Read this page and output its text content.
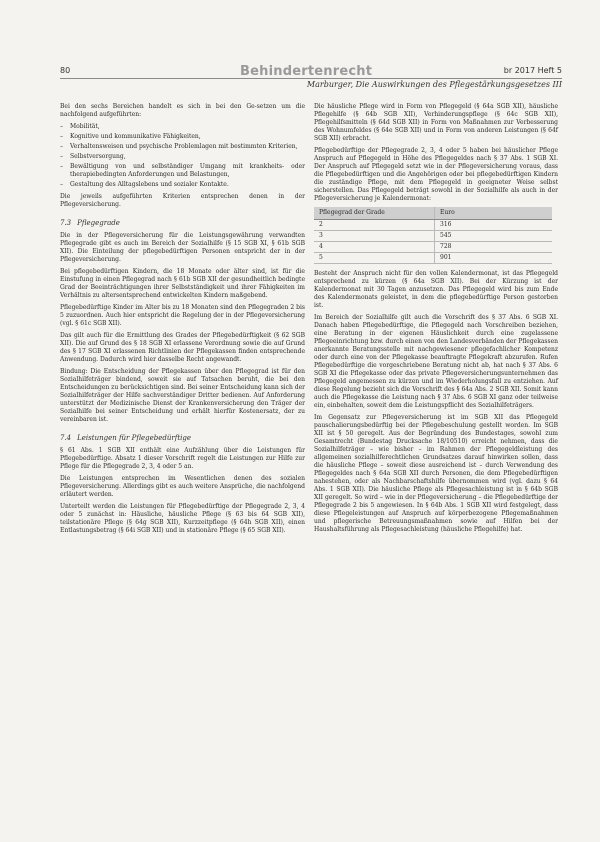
80	Behindertenrecht	br 2017 Heft 5
Marburger, Die Auswirkungen des Pflegestärkungsgesetzes III

Bei den sechs Bereichen handelt es sich in bei den Ge-setzen um die nachfolgend aufgeführten:

– Mobilität,
– Kognitive und kommunikative Fähigkeiten,
– Verhaltensweisen und psychische Problemlagen mit bestimmten Kriterien,
– Selbstversorgung,
– Bewältigung von und selbständiger Umgang mit krankheits- oder therapiebedingten Anforderungen und Belastungen,
– Gestaltung des Alltagslebens und sozialer Kontakte.

Die jeweils aufgeführten Kriterien entsprechen denen in der Pflegeversicherung.

7.3 Pflegegrade

Die in der Pflegeversicherung für die Leistungsgewährung verwandten Pflegegrade gibt es auch im Bereich der Sozialhilfe (§ 15 SGB XI, § 61b SGB XII). Die Einteilung der pflegebedürftigen Personen entspricht der in der Pflegeversicherung.

Bei pflegebedürftigen Kindern, die 18 Monate oder älter sind, ist für die Einstufung in einen Pflegegrad nach § 61b SGB XII der gesundheitlich bedingte Grad der Beeinträchtigungen ihrer Selbstständigkeit und ihrer Fähigkeiten im Verhältnis zu altersentsprechend entwickelten Kindern maßgebend.

Pflegebedürftige Kinder im Alter bis zu 18 Monaten sind den Pflegegraden 2 bis 5 zuzuordnen. Auch hier entspricht die Regelung der in der Pflegeversicherung (vgl. § 61c SGB XII).

Das gilt auch für die Ermittlung des Grades der Pflegebedürftigkeit (§ 62 SGB XII). Die auf Grund des § 18 SGB XI erlassene Verordnung sowie die auf Grund des § 17 SGB XI erlassenen Richtlinien der Pflegekassen finden entsprechende Anwendung. Dadurch wird hier dasselbe Recht angewandt.

Bindung: Die Entscheidung der Pflegekassen über den Pflegegrad ist für den Sozialhilfeträger bindend, soweit sie auf Tatsachen beruht, die bei den Entscheidungen zu berücksichtigen sind. Bei seiner Entscheidung kann sich der Sozialhilfeträger der Hilfe sachverständiger Dritter bedienen. Auf Anforderung unterstützt der Medizinische Dienst der Krankenversicherung den Träger der Sozialhilfe bei seiner Entscheidung und erhält hierfür Kostenersatz, der zu vereinbaren ist.

7.4 Leistungen für Pflegebedürftige

§ 61 Abs. 1 SGB XII enthält eine Aufzählung über die Leistungen für Pflegebedürftige. Absatz 1 dieser Vorschrift regelt die Leistungen zur Hilfe zur Pflege für die Pflegegrade 2, 3, 4 oder 5 an.

Die Leistungen entsprechen im Wesentlichen denen des sozialen Pflegeversicherung. Allerdings gibt es auch weitere Ansprüche, die nachfolgend erläutert werden.

Unterteilt werden die Leistungen für Pflegebedürftige der Pflegegrade 2, 3, 4 oder 5 zunächst in: Häusliche, häusliche Pflege (§ 63 bis 64 SGB XII), teilstationäre Pflege (§ 64g SGB XII), Kurzzeitpflege (§ 64h SGB XII), einen Entlastungsbetrag (§ 64i SGB XII) und in stationäre Pflege (§ 65 SGB XII).

Die häusliche Pflege wird in Form von Pflegegeld (§ 64a SGB XII), häusliche Pflegehilfe (§ 64b SGB XII), Verhinderungspflege (§ 64c SGB XII), Pflegehilfsmitteln (§ 64d SGB XII) in Form von Maßnahmen zur Verbesserung des Wohnumfeldes (§ 64e SGB XII) und in Form von anderen Leistungen (§ 64f SGB XII) erbracht.

Pflegebedürftige der Pflegegrade 2, 3, 4 oder 5 haben bei häuslicher Pflege Anspruch auf Pflegegeld in Höhe des Pflegegeldes nach § 37 Abs. 1 SGB XI. Der Anspruch auf Pflegegeld setzt wie in der Pflegeversicherung voraus, dass die Pflegebedürftigen und die Angehörigen oder bei pflegebedürftigen Kindern die zuständige Pflege, mit dem Pflegegeld in geeigneter Weise selbst sicherstellen. Das Pflegegeld beträgt sowohl in der Sozialhilfe als auch in der Pflegeversicherung je Kalendermonat:

Pflegegrad der Grade	Euro
2	316
3	545
4	728
5	901

Besteht der Anspruch nicht für den vollen Kalendermonat, ist das Pflegegeld entsprechend zu kürzen (§ 64a SGB XII). Bei der Kürzung ist der Kalendermonat mit 30 Tagen anzusetzen. Das Pflegegeld wird bis zum Ende des Kalendermonats geleistet, in dem die pflegebedürftige Person gestorben ist.

Im Bereich der Sozialhilfe gilt auch die Vorschrift des § 37 Abs. 6 SGB XI. Danach haben Pflegebedürftige, die Pflegegeld nach Vorschreiben beziehen, eine Beratung in der eigenen Häuslichkeit durch eine zugelassene Pflegeeinrichtung bzw. durch einen von den Landesverbänden der Pflegekassen anerkannte Beratungsstelle mit nachgewiesener pflegefachlicher Kompetenz oder durch eine von der Pflegekasse beauftragte Pflegekraft abzurufen. Rufen Pflegebedürftige die vorgeschriebene Beratung nicht ab, hat nach § 37 Abs. 6 SGB XI die Pflegekasse oder das private Pflegeversicherungsunternehmen das Pflegegeld angemessen zu kürzen und im Wiederholungsfall zu entziehen. Auf diese Regelung bezieht sich die Vorschrift des § 64a Abs. 2 SGB XII. Somit kann auch die Pflegekasse die Leistung nach § 37 Abs. 6 SGB XI ganz oder teilweise ein, einbehalten, soweit dem die Leistungspflicht des Sozialhilfeträgers.

Im Gegensatz zur Pflegeversicherung ist im SGB XII das Pflegegeld pauschalierungsbedürftig bei der Pflegebeschulung gestellt worden. Im SGB XII ist § 50 geregelt. Aus der Begründung des Bundestages, sowohl zum Gesamtrecht (Bundestag Drucksache 18/10510) erreicht nehmen, dass die Sozialhilfeträger – wie bisher – im Rahmen der Pflegegeldleistung des allgemeinen sozialhilferechtlichen Grundsatzes darauf hinwirken sollen, dass die häusliche Pflege – soweit diese ausreichend ist – durch Verwendung des Pflegegeldes nach § 64a SGB XII durch Personen, die dem Pflegebedürftigen nahestehen, oder als Nachbarschaftshilfe übernommen wird (vgl. dazu § 64 Abs. 1 SGB XII). Die häusliche Pflege als Pflegesachleistung ist in § 64b SGB XII geregelt. So wird – wie in der Pflegeversicherung – die Pflegebedürftige der Pflegegrade 2 bis 5 angewiesen. In § 64b Abs. 1 SGB XII wird festgelegt, dass diese Pflegeleistungen auf Anspruch auf körperbezogene Pflegemaßnahmen und pflegerische Betreuungsmaßnahmen sowie auf Hilfen bei der Haushaltsführung als Pflegesachleistung (häusliche Pflegehilfe) hat.
